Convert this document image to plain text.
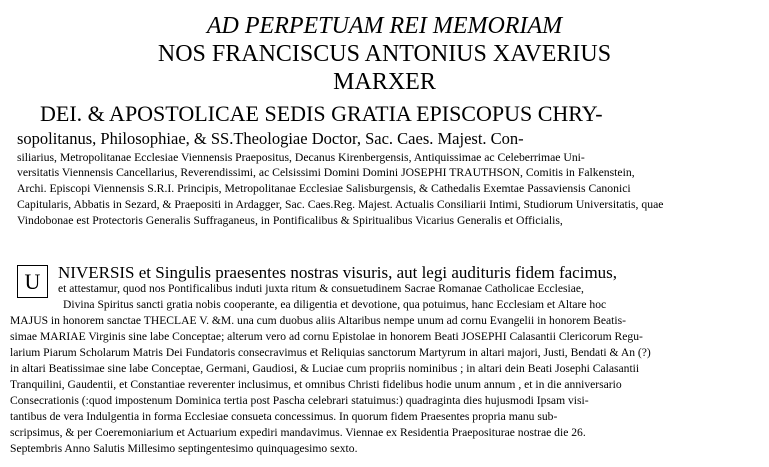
AD PERPETUAM REI MEMORIAM

NOS FRANCISCUS ANTONIUS XAVERIUS

MARXER

DEI. & APOSTOLICAE SEDIS GRATIA EPISCOPUS CHRY-

sopolitanus, Philosophiae, & SS.Theologiae Doctor, Sac. Caes. Majest. Con-

siliarius, Metropolitanae Ecclesiae Viennensis Praepositus, Decanus Kirenbergensis, Antiquissimae ac Celeberrimae Uni-

versitatis Viennensis Cancellarius, Reverendissimi, ac Celsissimi Domini Domini JOSEPHI TRAUTHSON, Comitis in Falkenstein,

Archi. Episcopi Viennensis S.R.I. Principis, Metropolitanae Ecclesiae Salisburgensis, & Cathedalis Exemtae Passaviensis Canonici

Capitularis, Abbatis in Sezard, & Praepositi in Ardagger, Sac. Caes.Reg. Majest. Actualis Consiliarii Intimi, Studiorum Universitatis, quae

Vindobonae est Protectoris Generalis Suffraganeus, in Pontificalibus & Spiritualibus Vicarius Generalis et Officialis,

U	NIVERSIS et Singulis praesentes nostras visuris, aut legi audituris fidem facimus,

et attestamur, quod nos Pontificalibus induti juxta ritum & consuetudinem Sacrae Romanae Catholicae Ecclesiae,

Divina Spiritus sancti gratia nobis cooperante, ea diligentia et devotione, qua potuimus, hanc Ecclesiam et Altare hoc

MAJUS in honorem sanctae THECLAE V. &M. una cum duobus aliis Altaribus nempe unum ad cornu Evangelii in honorem Beatis-

simae MARIAE Virginis sine labe Conceptae; alterum vero ad cornu Epistolae in honorem Beati JOSEPHI Calasantii Clericorum Regu-

larium Piarum Scholarum Matris Dei Fundatoris consecravimus et Reliquias sanctorum Martyrum in altari majori, Justi, Bendati & An (?)

in altari Beatissimae sine labe Conceptae, Germani, Gaudiosi, & Luciae cum propriis nominibus ; in altari dein Beati Josephi Calasantii

Tranquilini, Gaudentii, et Constantiae reverenter inclusimus, et omnibus Christi fidelibus hodie unum annum , et in die anniversario

Consecrationis (:quod impostenum Dominica tertia post Pascha celebrari statuimus:) quadraginta dies hujusmodi Ipsam visi-

tantibus de vera Indulgentia in forma Ecclesiae consueta concessimus. In quorum fidem Praesentes propria manu sub-

scripsimus, & per Coeremoniarium et Actuarium expediri mandavimus. Viennae ex Residentia Praepositurae nostrae die 26.

Septembris Anno Salutis Millesimo septingentesimo quinquagesimo sexto.
